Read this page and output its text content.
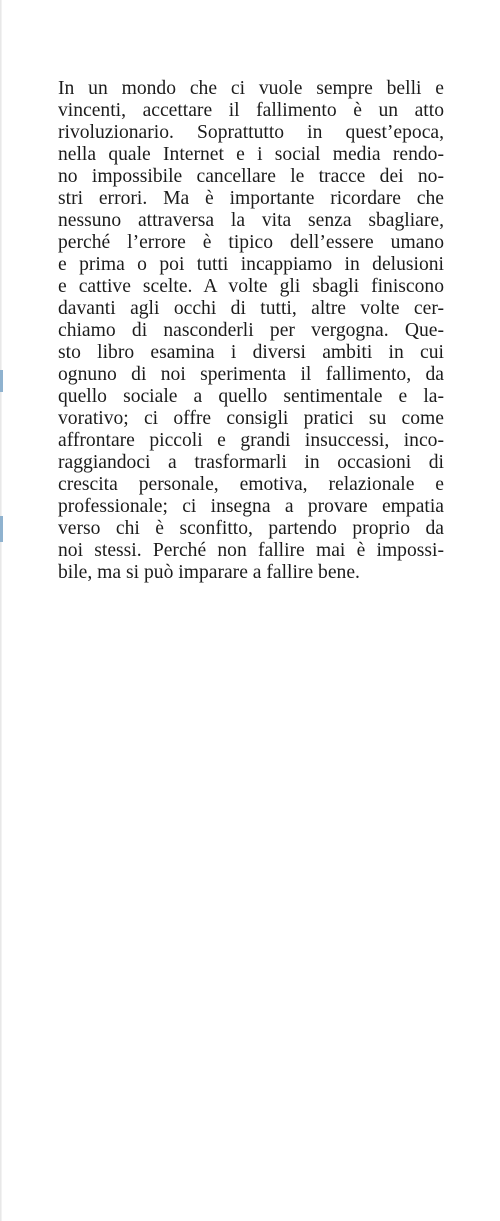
In un mondo che ci vuole sempre belli e
vincenti, accettare il fallimento è un atto
rivoluzionario. Soprattutto in quest’epoca,
nella quale Internet e i social media rendo-
no impossibile cancellare le tracce dei no-
stri errori. Ma è importante ricordare che
nessuno attraversa la vita senza sbagliare,
perché l’errore è tipico dell’essere umano
e prima o poi tutti incappiamo in delusioni
e cattive scelte. A volte gli sbagli finiscono
davanti agli occhi di tutti, altre volte cer-
chiamo di nasconderli per vergogna. Que-
sto libro esamina i diversi ambiti in cui
ognuno di noi sperimenta il fallimento, da
quello sociale a quello sentimentale e la-
vorativo; ci offre consigli pratici su come
affrontare piccoli e grandi insuccessi, inco-
raggiandoci a trasformarli in occasioni di
crescita personale, emotiva, relazionale e
professionale; ci insegna a provare empatia
verso chi è sconfitto, partendo proprio da
noi stessi. Perché non fallire mai è impossi-
bile, ma si può imparare a fallire bene.
